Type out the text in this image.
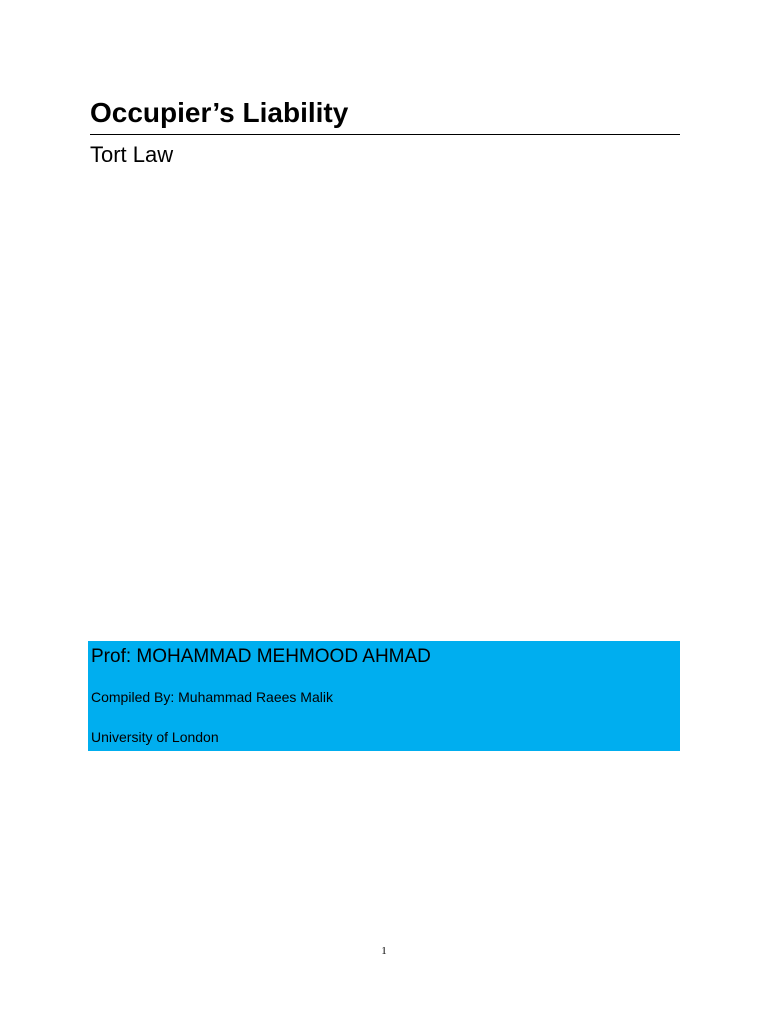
Occupier’s Liability
Tort Law
Prof: MOHAMMAD MEHMOOD AHMAD
Compiled By: Muhammad Raees Malik
University of London
1
